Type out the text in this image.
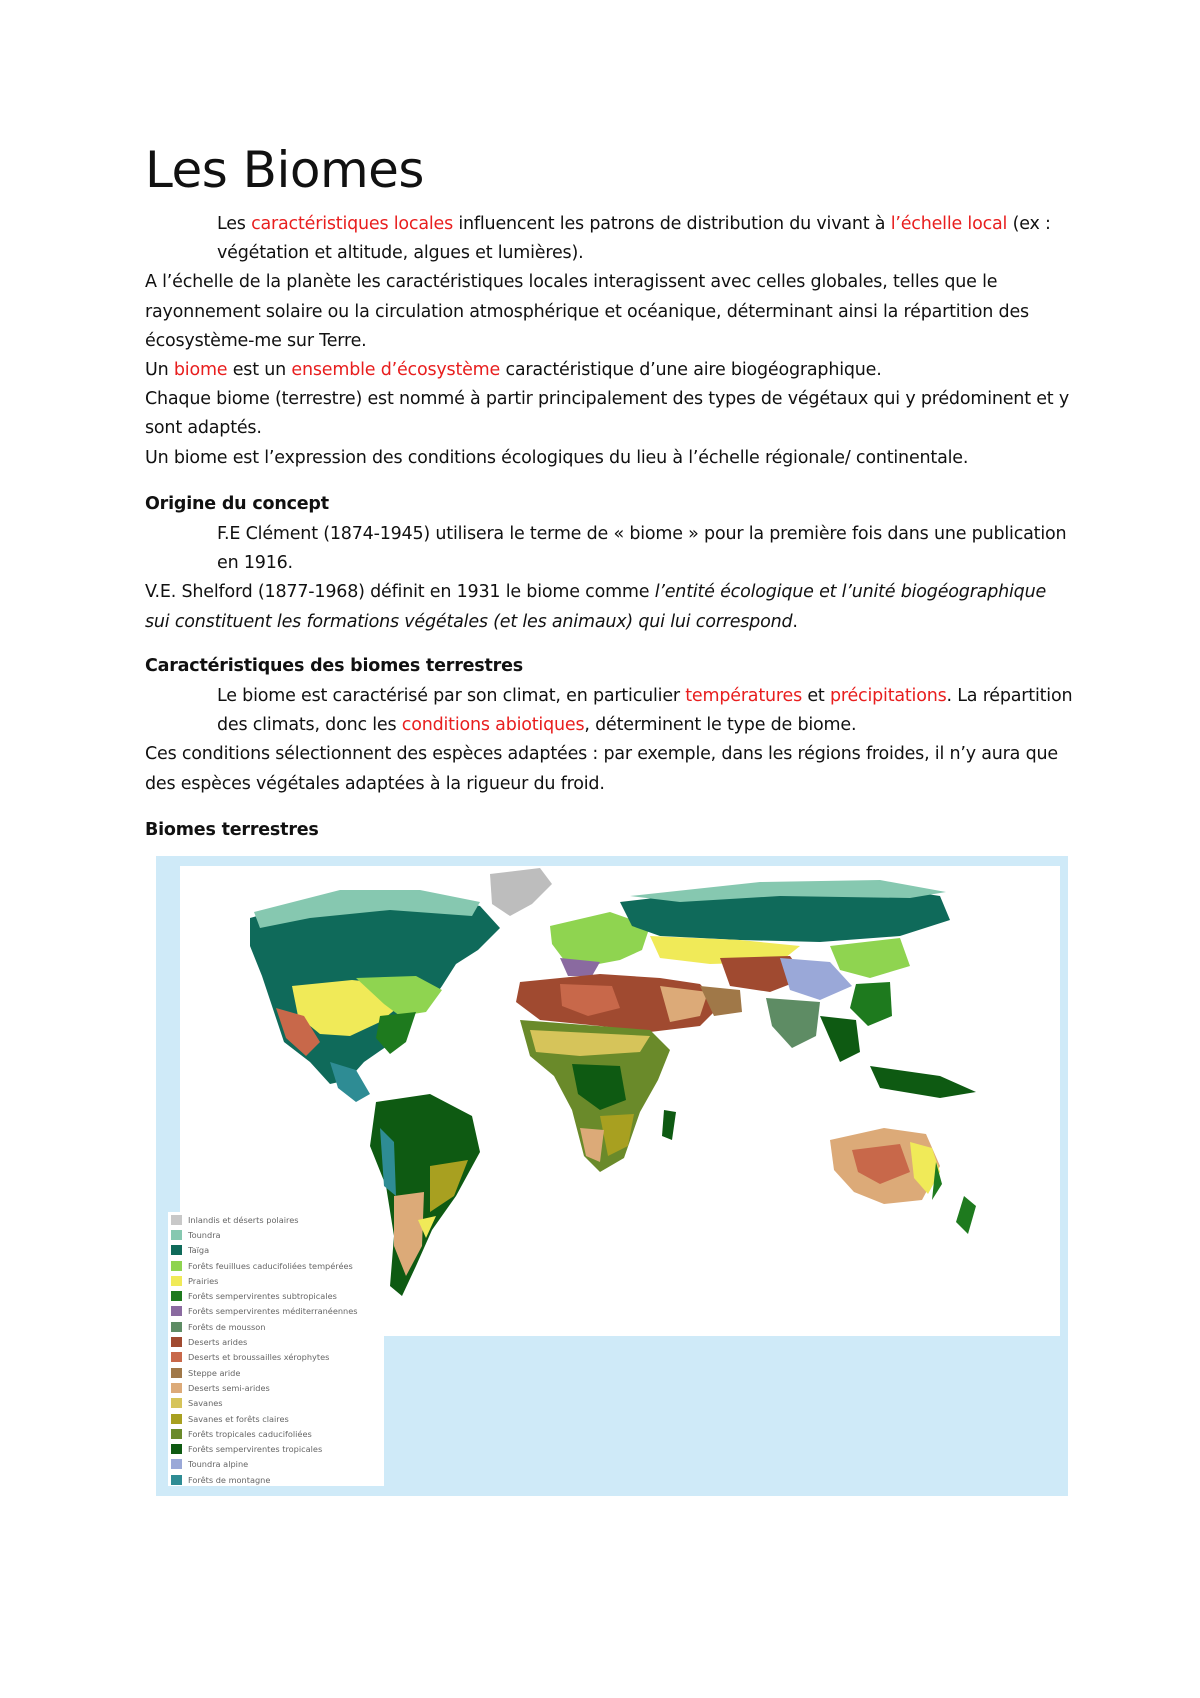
Les Biomes

Les caractéristiques locales influencent les patrons de distribution du vivant à l’échelle local (ex : végétation et altitude, algues et lumières).

A l’échelle de la planète les caractéristiques locales interagissent avec celles globales, telles que le rayonnement solaire ou la circulation atmosphérique et océanique, déterminant ainsi la répartition des écosystème-me sur Terre.

Un biome est un ensemble d’écosystème caractéristique d’une aire biogéographique.

Chaque biome (terrestre) est nommé à partir principalement des types de végétaux qui y prédominent et y sont adaptés.

Un biome est l’expression des conditions écologiques du lieu à l’échelle régionale/ continentale.

Origine du concept

F.E Clément (1874-1945) utilisera le terme de « biome » pour la première fois dans une publication en 1916.

V.E. Shelford (1877-1968) définit en 1931 le biome comme l’entité écologique et l’unité biogéographique sui constituent les formations végétales (et les animaux) qui lui correspond.

Caractéristiques des biomes terrestres

Le biome est caractérisé par son climat, en particulier températures et précipitations. La répartition des climats, donc les conditions abiotiques, déterminent le type de biome.

Ces conditions sélectionnent des espèces adaptées : par exemple, dans les régions froides, il n’y aura que des espèces végétales adaptées à la rigueur du froid.

Biomes terrestres

Inlandis et déserts polaires
Toundra
Taïga
Forêts feuillues caducifoliées tempérées
Prairies
Forêts sempervirentes subtropicales
Forêts sempervirentes méditerranéennes
Forêts de mousson
Deserts arides
Deserts et broussailles xérophytes
Steppe aride
Deserts semi-arides
Savanes
Savanes et forêts claires
Forêts tropicales caducifoliées
Forêts sempervirentes tropicales
Toundra alpine
Forêts de montagne
